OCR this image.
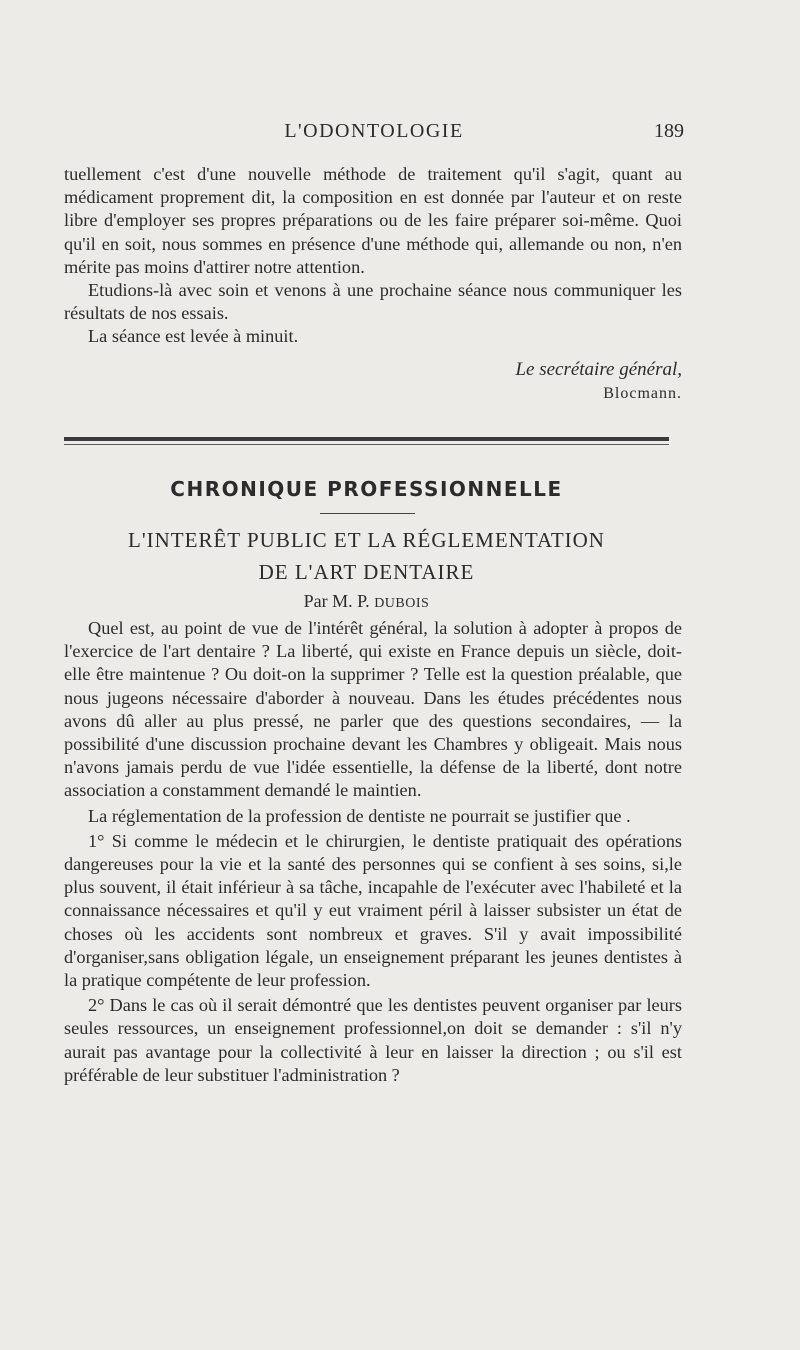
L'ODONTOLOGIE	189

tuellement c'est d'une nouvelle méthode de traitement qu'il s'agit, quant au médicament proprement dit, la composition en est donnée par l'auteur et on reste libre d'employer ses propres préparations ou de les faire préparer soi-même. Quoi qu'il en soit, nous sommes en présence d'une méthode qui, allemande ou non, n'en mérite pas moins d'attirer notre attention.

Etudions-là avec soin et venons à une prochaine séance nous communiquer les résultats de nos essais.

La séance est levée à minuit.

Le secrétaire général,
Blocmann.
CHRONIQUE PROFESSIONNELLE
L'INTERÊT PUBLIC ET LA RÉGLEMENTATION
DE L'ART DENTAIRE
Par M. P. DUBOIS

Quel est, au point de vue de l'intérêt général, la solution à adopter à propos de l'exercice de l'art dentaire ? La liberté, qui existe en France depuis un siècle, doit-elle être maintenue ? Ou doit-on la supprimer ? Telle est la question préalable, que nous jugeons nécessaire d'aborder à nouveau. Dans les études précédentes nous avons dû aller au plus pressé, ne parler que des questions secondaires, — la possibilité d'une discussion prochaine devant les Chambres y obligeait. Mais nous n'avons jamais perdu de vue l'idée essentielle, la défense de la liberté, dont notre association a constamment demandé le maintien.

La réglementation de la profession de dentiste ne pourrait se justifier que .

1° Si comme le médecin et le chirurgien, le dentiste pratiquait des opérations dangereuses pour la vie et la santé des personnes qui se confient à ses soins, si,le plus souvent, il était inférieur à sa tâche, incapahle de l'exécuter avec l'habileté et la connaissance nécessaires et qu'il y eut vraiment péril à laisser subsister un état de choses où les accidents sont nombreux et graves. S'il y avait impossibilité d'organiser,sans obligation légale, un enseignement préparant les jeunes dentistes à la pratique compétente de leur profession.

2° Dans le cas où il serait démontré que les dentistes peuvent organiser par leurs seules ressources, un enseignement professionnel,on doit se demander : s'il n'y aurait pas avantage pour la collectivité à leur en laisser la direction ; ou s'il est préférable de leur substituer l'administration ?
